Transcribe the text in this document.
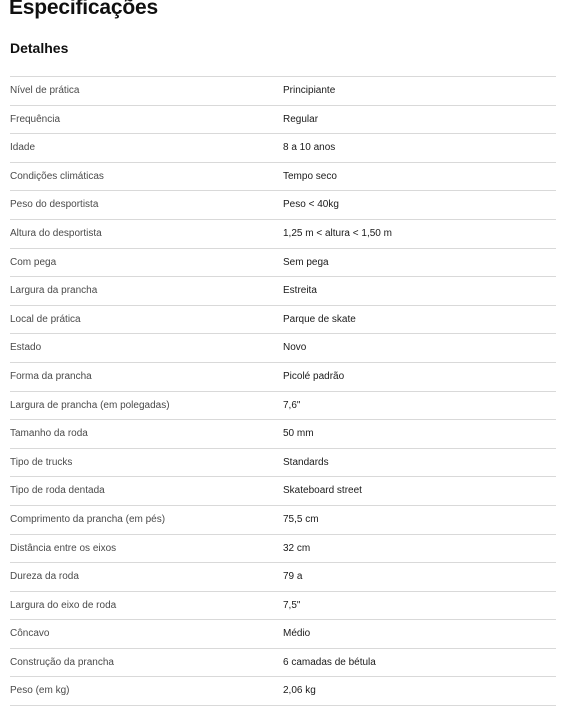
Especificações
Detalhes
Nível de prática	Principiante
Frequência	Regular
Idade	8 a 10 anos
Condições climáticas	Tempo seco
Peso do desportista	Peso < 40kg
Altura do desportista	1,25 m < altura < 1,50 m
Com pega	Sem pega
Largura da prancha	Estreita
Local de prática	Parque de skate
Estado	Novo
Forma da prancha	Picolé padrão
Largura de prancha (em polegadas)	7,6"
Tamanho da roda	50 mm
Tipo de trucks	Standards
Tipo de roda dentada	Skateboard street
Comprimento da prancha (em pés)	75,5 cm
Distância entre os eixos	32 cm
Dureza da roda	79 a
Largura do eixo de roda	7,5"
Côncavo	Médio
Construção da prancha	6 camadas de bétula
Peso (em kg)	2,06 kg
